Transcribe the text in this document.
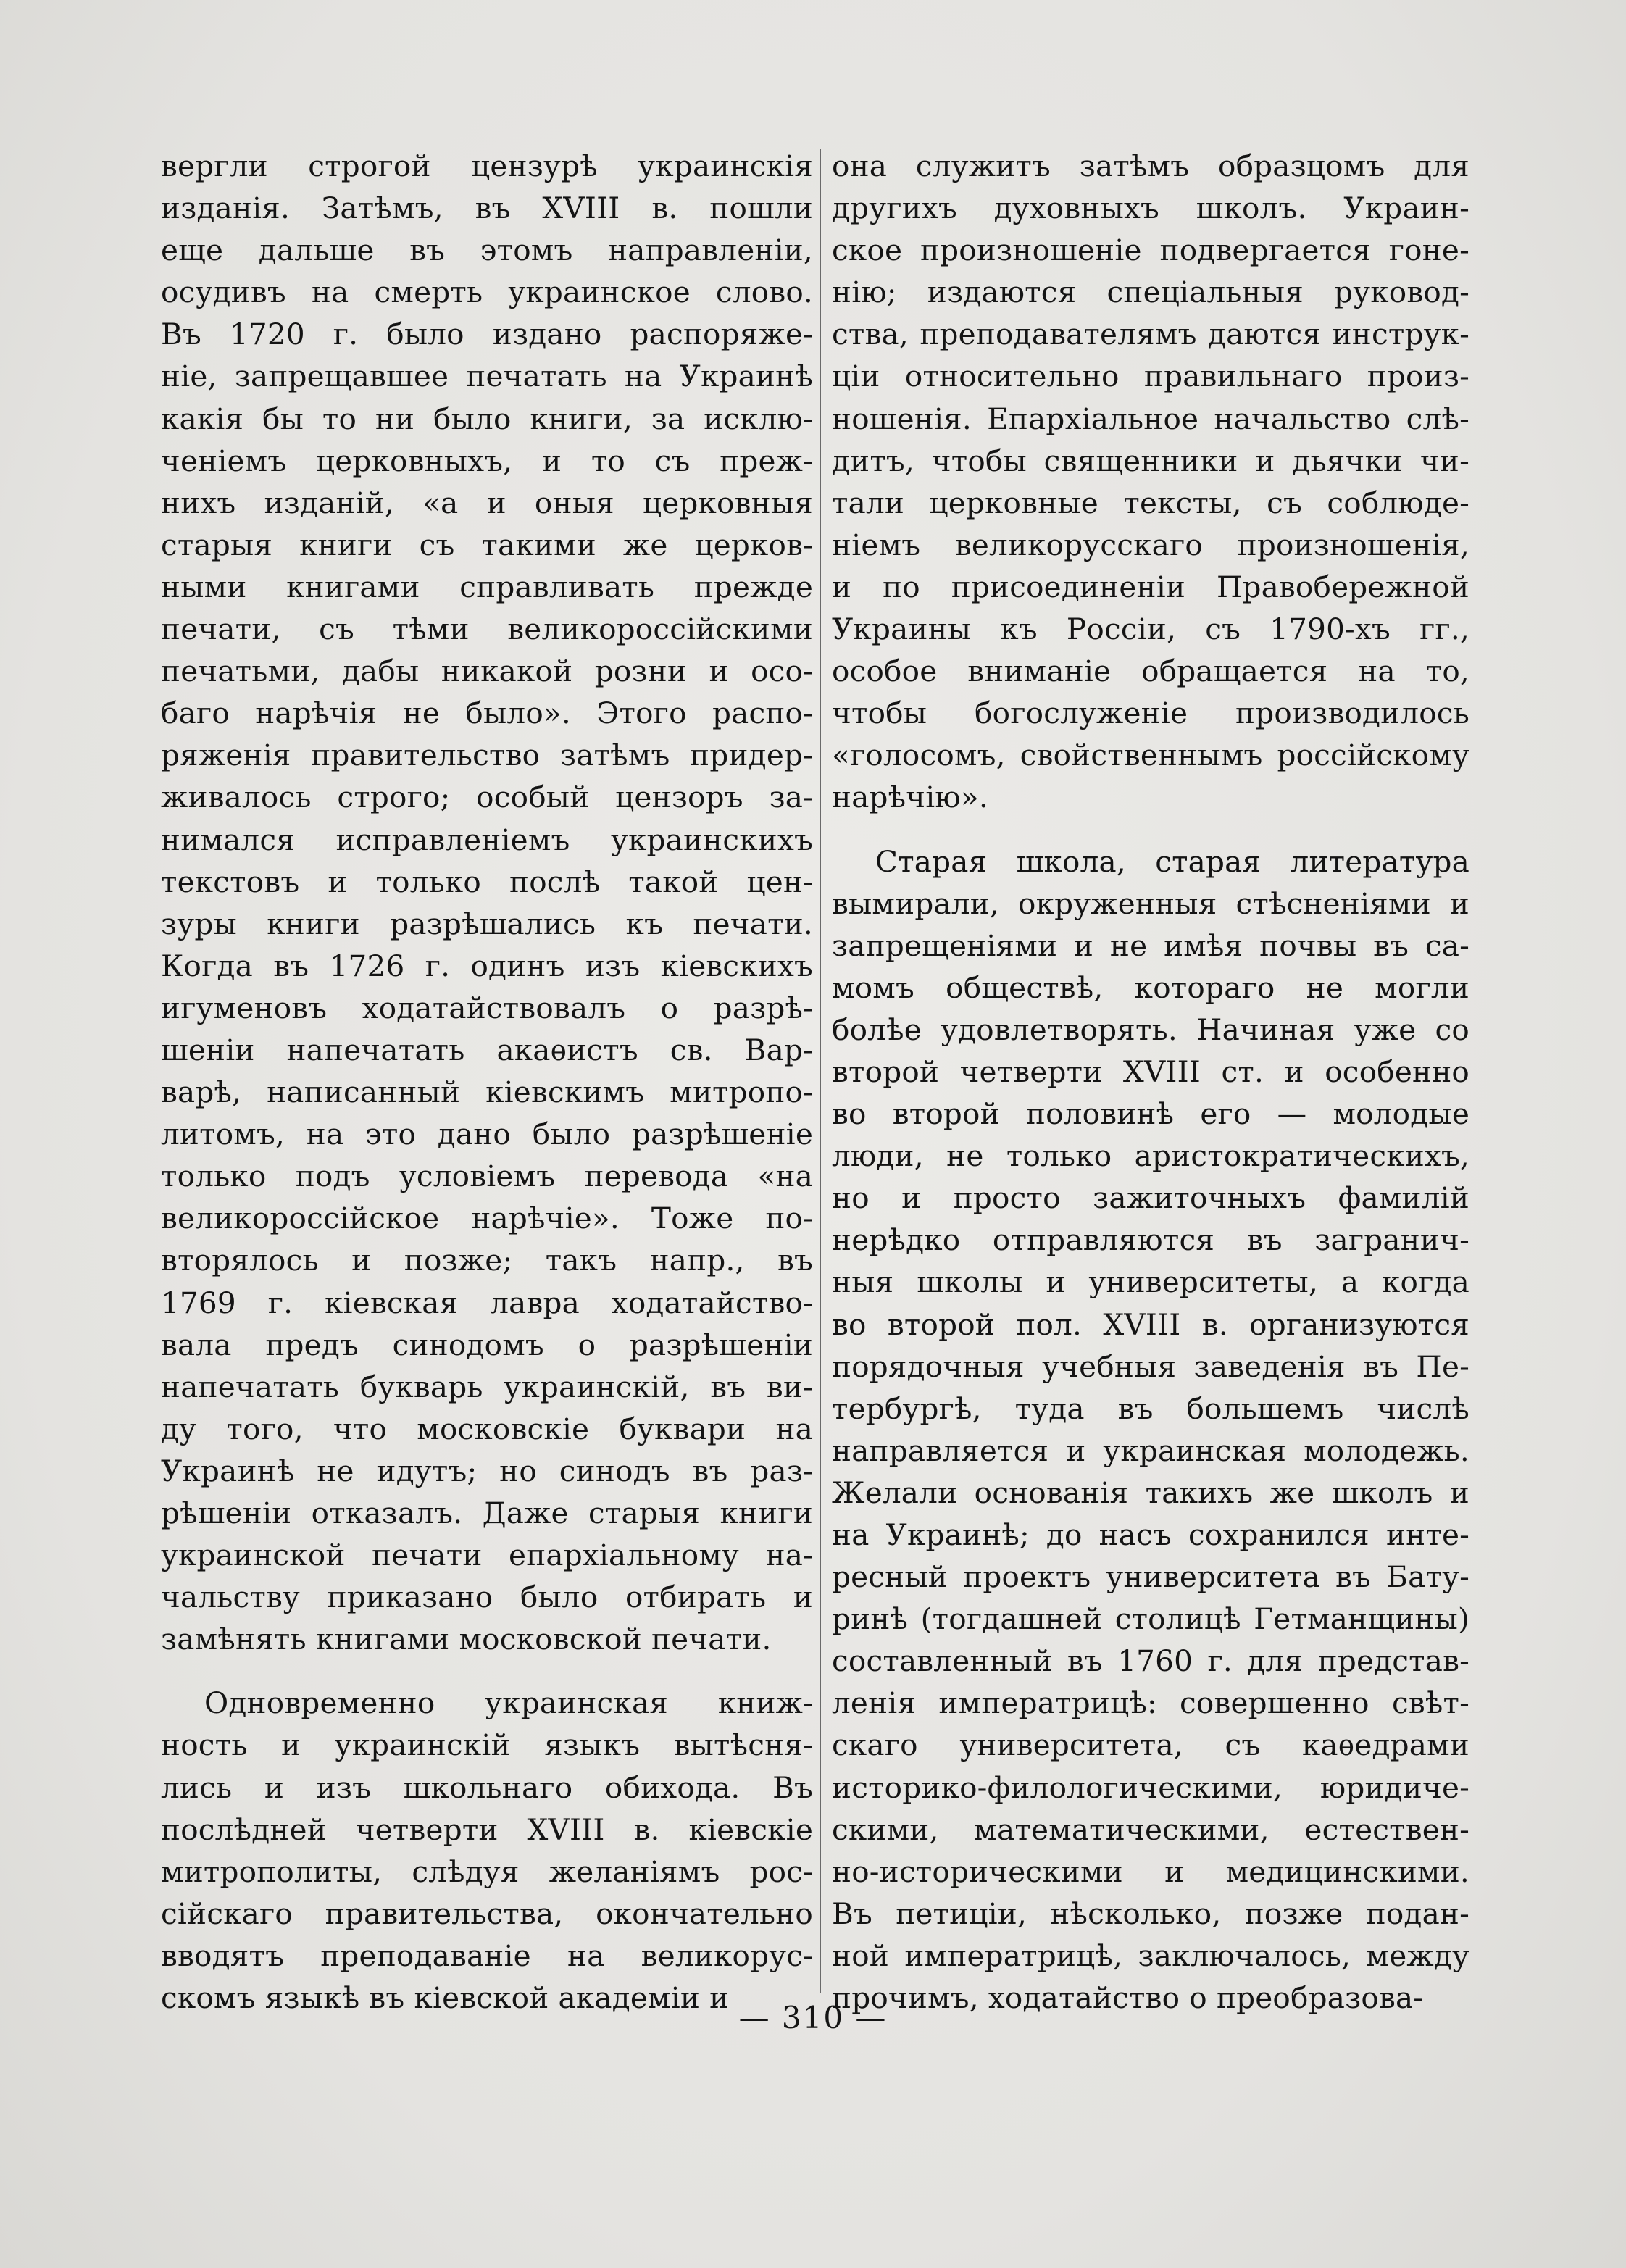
вергли строгой цензурѣ украинскія
изданія. Затѣмъ, въ XVIII в. пошли
еще дальше въ этомъ направленіи,
осудивъ на смерть украинское слово.
Въ 1720 г. было издано распоряже-
ніе, запрещавшее печатать на Украинѣ
какія бы то ни было книги, за исклю-
ченіемъ церковныхъ, и то съ преж-
нихъ изданій, «а и оныя церковныя
старыя книги съ такими же церков-
ными книгами справливать прежде
печати, съ тѣми великороссійскими
печатьми, дабы никакой розни и осо-
баго нарѣчія не было». Этого распо-
ряженія правительство затѣмъ придер-
живалось строго; особый цензоръ за-
нимался исправленіемъ украинскихъ
текстовъ и только послѣ такой цен-
зуры книги разрѣшались къ печати.
Когда въ 1726 г. одинъ изъ кіевскихъ
игуменовъ ходатайствовалъ о разрѣ-
шеніи напечатать акаѳистъ св. Вар-
варѣ, написанный кіевскимъ митропо-
литомъ, на это дано было разрѣшеніе
только подъ условіемъ перевода «на
великороссійское нарѣчіе». Тоже по-
вторялось и позже; такъ напр., въ
1769 г. кіевская лавра ходатайство-
вала предъ синодомъ о разрѣшеніи
напечатать букварь украинскій, въ ви-
ду того, что московскіе буквари на
Украинѣ не идутъ; но синодъ въ раз-
рѣшеніи отказалъ. Даже старыя книги
украинской печати епархіальному на-
чальству приказано было отбирать и
замѣнять книгами московской печати.

Одновременно украинская книж-
ность и украинскій языкъ вытѣсня-
лись и изъ школьнаго обихода. Въ
послѣдней четверти XVIII в. кіевскіе
митрополиты, слѣдуя желаніямъ рос-
сійскаго правительства, окончательно
вводятъ преподаваніе на великорус-
скомъ языкѣ въ кіевской академіи и

она служитъ затѣмъ образцомъ для
другихъ духовныхъ школъ. Украин-
ское произношеніе подвергается гоне-
нію; издаются спеціальныя руковод-
ства, преподавателямъ даются инструк-
ціи относительно правильнаго произ-
ношенія. Епархіальное начальство слѣ-
дитъ, чтобы священники и дьячки чи-
тали церковные тексты, съ соблюде-
ніемъ великорусскаго произношенія,
и по присоединеніи Правобережной
Украины къ Россіи, съ 1790-хъ гг.,
особое вниманіе обращается на то,
чтобы богослуженіе производилось
«голосомъ, свойственнымъ россійскому
нарѣчію».

Старая школа, старая литература
вымирали, окруженныя стѣсненіями и
запрещеніями и не имѣя почвы въ са-
момъ обществѣ, котораго не могли
болѣе удовлетворять. Начиная уже со
второй четверти XVIII ст. и особенно
во второй половинѣ его — молодые
люди, не только аристократическихъ,
но и просто зажиточныхъ фамилій
нерѣдко отправляются въ загранич-
ныя школы и университеты, а когда
во второй пол. XVIII в. организуются
порядочныя учебныя заведенія въ Пе-
тербургѣ, туда въ большемъ числѣ
направляется и украинская молодежь.
Желали основанія такихъ же школъ и
на Украинѣ; до насъ сохранился инте-
ресный проектъ университета въ Бату-
ринѣ (тогдашней столицѣ Гетманщины)
составленный въ 1760 г. для представ-
ленія императрицѣ: совершенно свѣт-
скаго университета, съ каѳедрами
историко-филологическими, юридиче-
скими, математическими, естествен-
но-историческими и медицинскими.
Въ петиціи, нѣсколько, позже подан-
ной императрицѣ, заключалось, между
прочимъ, ходатайство о преобразова-

— 310 —
